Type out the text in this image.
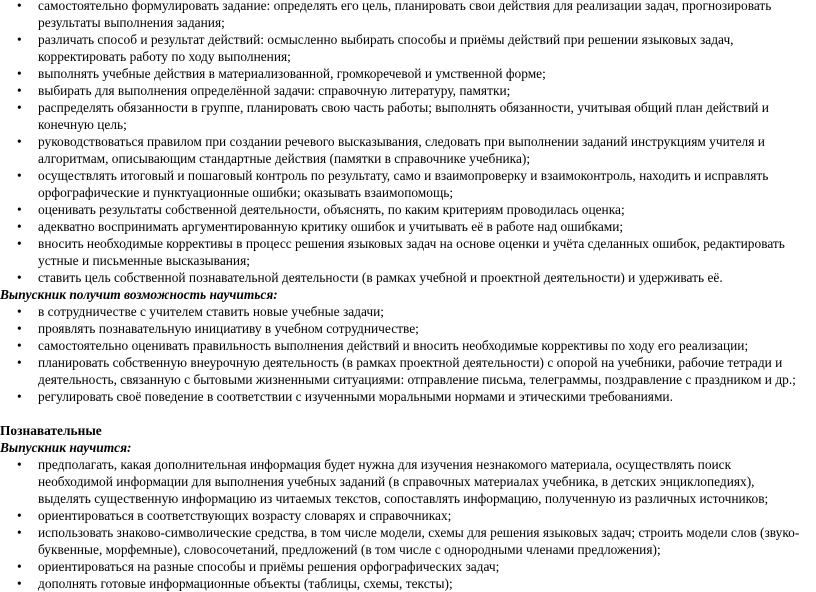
•	самостоятельно формулировать задание: определять его цель, планировать свои действия для реализации задач, прогнозировать результаты выполнения задания;
•	различать способ и результат действий: осмысленно выбирать способы и приёмы действий при решении языковых задач, корректировать работу по ходу выполнения;
•	выполнять учебные действия в материализованной, громкоречевой и умственной форме;
•	выбирать для выполнения определённой задачи: справочную литературу, памятки;
•	распределять обязанности в группе, планировать свою часть работы; выполнять обязанности, учитывая общий план действий и конечную цель;
•	руководствоваться правилом при создании речевого высказывания, следовать при выполнении заданий инструкциям учителя и алгоритмам, описывающим стандартные действия (памятки в справочнике учебника);
•	осуществлять итоговый и пошаговый контроль по результату, само и взаимопроверку и взаимоконтроль, находить и исправлять орфографические и пунктуационные ошибки; оказывать взаимопомощь;
•	оценивать результаты собственной деятельности, объяснять, по каким критериям проводилась оценка;
•	адекватно воспринимать аргументированную критику ошибок и учитывать её в работе над ошибками;
•	вносить необходимые коррективы в процесс решения языковых задач на основе оценки и учёта сделанных ошибок, редактировать устные и письменные высказывания;
•	ставить цель собственной познавательной деятельности (в рамках учебной и проектной деятельности) и удерживать её.
Выпускник получит возможность научиться:
•	в сотрудничестве с учителем ставить новые учебные задачи;
•	проявлять познавательную инициативу в учебном сотрудничестве;
•	самостоятельно оценивать правильность выполнения действий и вносить необходимые коррективы по ходу его реализации;
•	планировать собственную внеурочную деятельность (в рамках проектной деятельности) с опорой на учебники, рабочие тетради и деятельность, связанную с бытовыми жизненными ситуациями: отправление письма, телеграммы, поздравление с праздником и др.;
•	регулировать своё поведение в соответствии с изученными моральными нормами и этическими требованиями.
Познавательные
Выпускник научится:
•	предполагать, какая дополнительная информация будет нужна для изучения незнакомого материала, осуществлять поиск необходимой информации для выполнения учебных заданий (в справочных материалах учебника, в детских энциклопедиях), выделять существенную информацию из читаемых текстов, сопоставлять информацию, полученную из различных источников;
•	ориентироваться в соответствующих возрасту словарях и справочниках;
•	использовать знаково-символические средства, в том числе модели, схемы для решения языковых задач; строить модели слов (звуко-буквенные, морфемные), словосочетаний, предложений (в том числе с однородными членами предложения);
•	ориентироваться на разные способы и приёмы решения орфографических задач;
•	дополнять готовые информационные объекты (таблицы, схемы, тексты);
